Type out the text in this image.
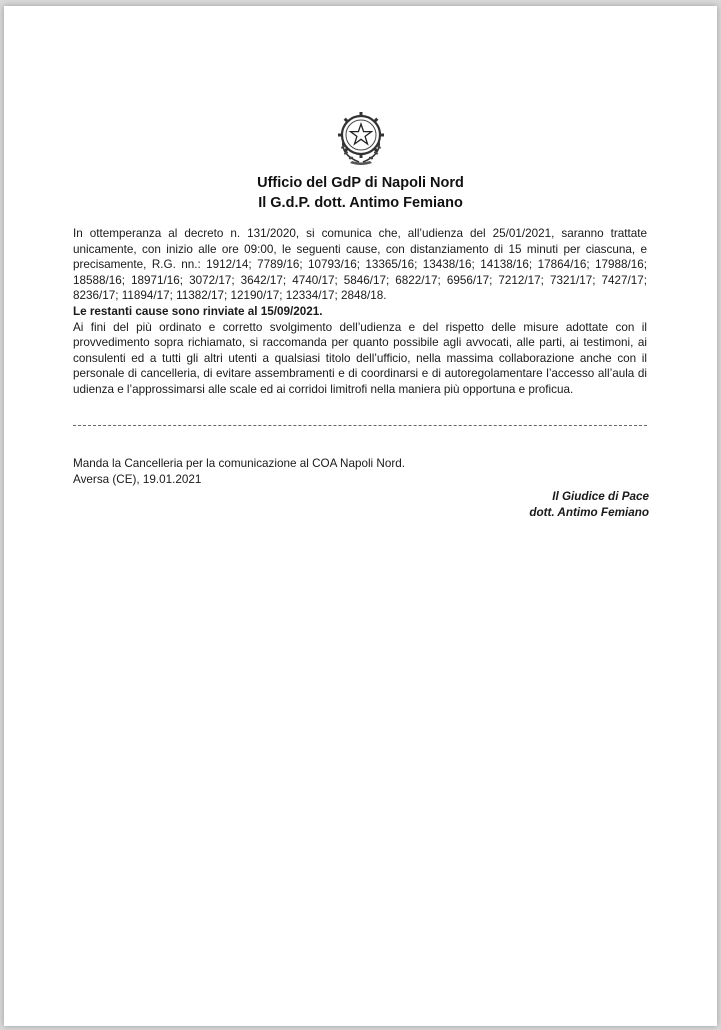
Ufficio del GdP di Napoli Nord
Il G.d.P. dott. Antimo Femiano

In ottemperanza al decreto n. 131/2020, si comunica che, all’udienza del 25/01/2021, saranno trattate unicamente, con inizio alle ore 09:00, le seguenti cause, con distanziamento di 15 minuti per ciascuna, e precisamente, R.G. nn.: 1912/14; 7789/16; 10793/16; 13365/16; 13438/16; 14138/16; 17864/16; 17988/16; 18588/16; 18971/16; 3072/17; 3642/17; 4740/17; 5846/17; 6822/17; 6956/17; 7212/17; 7321/17; 7427/17; 8236/17; 11894/17; 11382/17; 12190/17; 12334/17; 2848/18.

Le restanti cause sono rinviate al 15/09/2021.

Ai fini del più ordinato e corretto svolgimento dell’udienza e del rispetto delle misure adottate con il provvedimento sopra richiamato, si raccomanda per quanto possibile agli avvocati, alle parti, ai testimoni, ai consulenti ed a tutti gli altri utenti a qualsiasi titolo dell’ufficio, nella massima collaborazione anche con il personale di cancelleria, di evitare assembramenti e di coordinarsi e di autoregolamentare l’accesso all’aula di udienza e l’approssimarsi alle scale ed ai corridoi limitrofi nella maniera più opportuna e proficua.

Manda la Cancelleria per la comunicazione al COA Napoli Nord.
Aversa (CE), 19.01.2021
Il Giudice di Pace
dott. Antimo Femiano
